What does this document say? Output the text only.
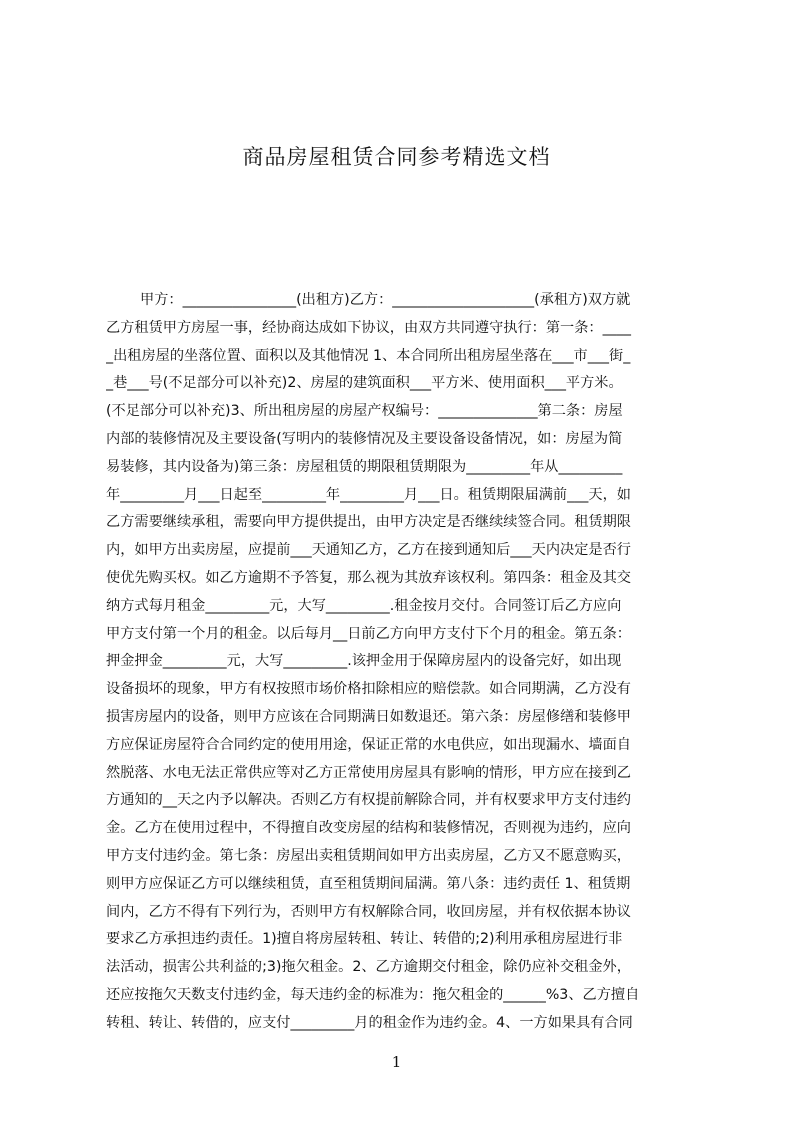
商品房屋租赁合同参考精选文档
甲方：________________(出租方)乙方：____________________(承租方)双方就
乙方租赁甲方房屋一事，经协商达成如下协议，由双方共同遵守执行：第一条：____
_出租房屋的坐落位置、面积以及其他情况 1、本合同所出租房屋坐落在___市___街_
_巷___号(不足部分可以补充)2、房屋的建筑面积___平方米、使用面积___平方米。
(不足部分可以补充)3、所出租房屋的房屋产权编号：______________第二条：房屋
内部的装修情况及主要设备(写明内的装修情况及主要设备设备情况，如：房屋为简
易装修，其内设备为)第三条：房屋租赁的期限租赁期限为_________年从_________
年_________月___日起至_________年_________月___日。租赁期限届满前___天，如
乙方需要继续承租，需要向甲方提供提出，由甲方决定是否继续续签合同。租赁期限
内，如甲方出卖房屋，应提前___天通知乙方，乙方在接到通知后___天内决定是否行
使优先购买权。如乙方逾期不予答复，那么视为其放弃该权利。第四条：租金及其交
纳方式每月租金_________元，大写_________.租金按月交付。合同签订后乙方应向
甲方支付第一个月的租金。以后每月__日前乙方向甲方支付下个月的租金。第五条：
押金押金_________元，大写_________.该押金用于保障房屋内的设备完好，如出现
设备损坏的现象，甲方有权按照市场价格扣除相应的赔偿款。如合同期满，乙方没有
损害房屋内的设备，则甲方应该在合同期满日如数退还。第六条：房屋修缮和装修甲
方应保证房屋符合合同约定的使用用途，保证正常的水电供应，如出现漏水、墙面自
然脱落、水电无法正常供应等对乙方正常使用房屋具有影响的情形，甲方应在接到乙
方通知的__天之内予以解决。否则乙方有权提前解除合同，并有权要求甲方支付违约
金。乙方在使用过程中，不得擅自改变房屋的结构和装修情况，否则视为违约，应向
甲方支付违约金。第七条：房屋出卖租赁期间如甲方出卖房屋，乙方又不愿意购买，
则甲方应保证乙方可以继续租赁，直至租赁期间届满。第八条：违约责任 1、租赁期
间内，乙方不得有下列行为，否则甲方有权解除合同，收回房屋，并有权依据本协议
要求乙方承担违约责任。1)擅自将房屋转租、转让、转借的;2)利用承租房屋进行非
法活动，损害公共利益的;3)拖欠租金。2、乙方逾期交付租金，除仍应补交租金外，
还应按拖欠天数支付违约金，每天违约金的标准为：拖欠租金的______%3、乙方擅自
转租、转让、转借的，应支付_________月的租金作为违约金。4、一方如果具有合同
1
